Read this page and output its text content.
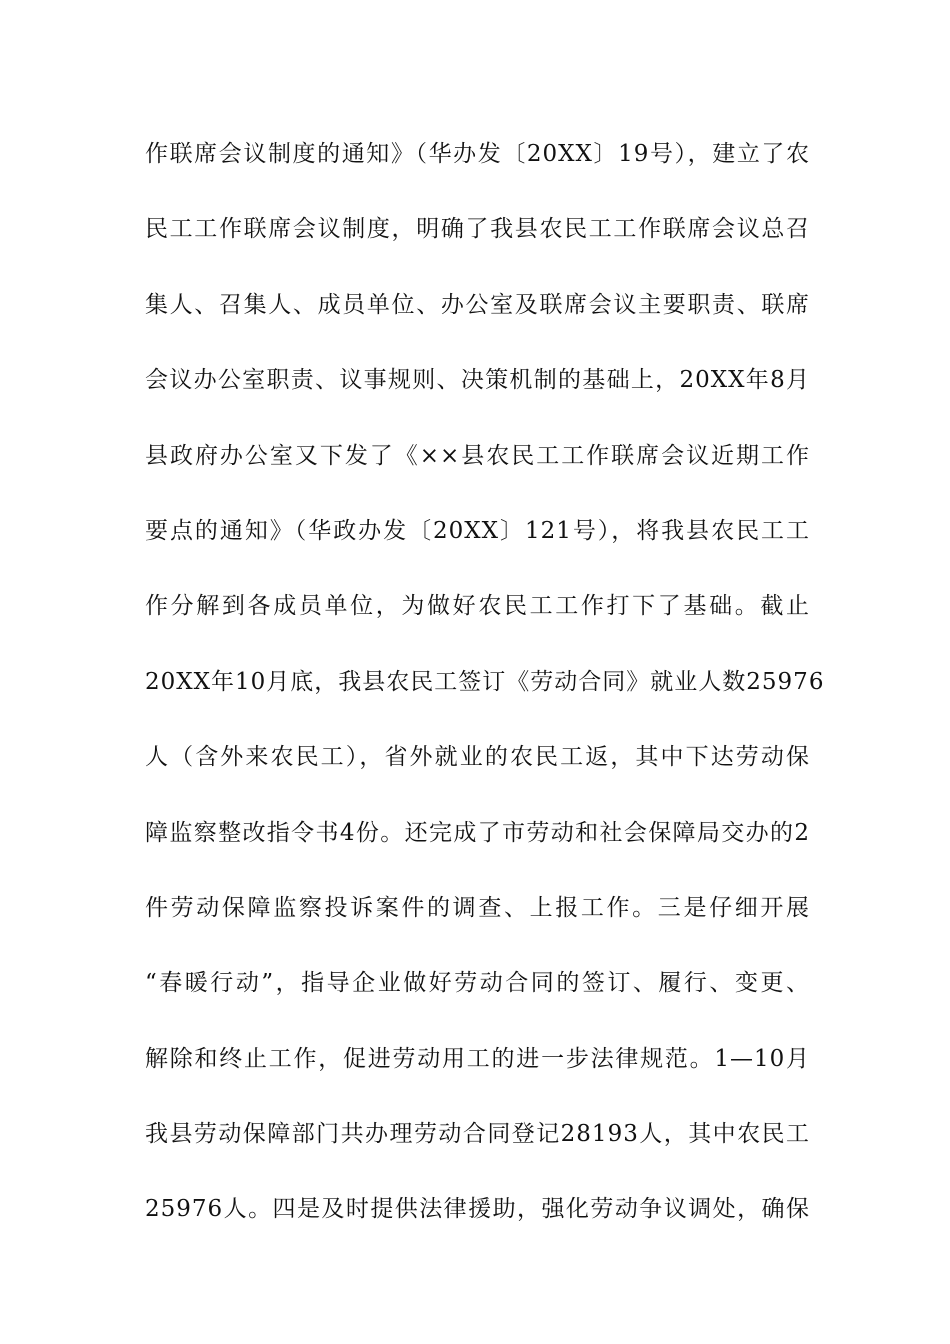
作联席会议制度的通知》（华办发〔20XX〕19号），建立了农
民工工作联席会议制度，明确了我县农民工工作联席会议总召
集人、召集人、成员单位、办公室及联席会议主要职责、联席
会议办公室职责、议事规则、决策机制的基础上，20XX年8月
县政府办公室又下发了《××县农民工工作联席会议近期工作
要点的通知》（华政办发〔20XX〕121号），将我县农民工工
作分解到各成员单位，为做好农民工工作打下了基础。截止
20XX年10月底，我县农民工签订《劳动合同》就业人数25976
人（含外来农民工），省外就业的农民工返，其中下达劳动保
障监察整改指令书4份。还完成了市劳动和社会保障局交办的2
件劳动保障监察投诉案件的调查、上报工作。三是仔细开展
“春暖行动”，指导企业做好劳动合同的签订、履行、变更、
解除和终止工作，促进劳动用工的进一步法律规范。1—10月
我县劳动保障部门共办理劳动合同登记28193人，其中农民工
25976人。四是及时提供法律援助，强化劳动争议调处，确保
